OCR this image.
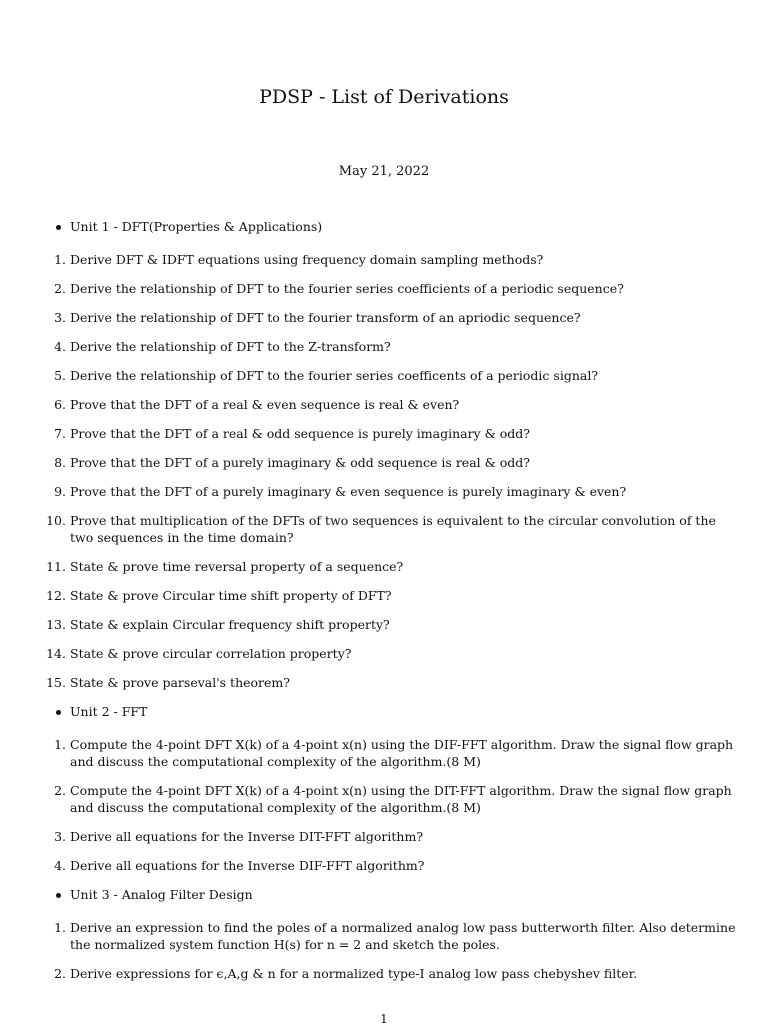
PDSP - List of Derivations
May 21, 2022
Unit 1 - DFT(Properties & Applications)
1. Derive DFT & IDFT equations using frequency domain sampling methods?
2. Derive the relationship of DFT to the fourier series coefficients of a periodic sequence?
3. Derive the relationship of DFT to the fourier transform of an apriodic sequence?
4. Derive the relationship of DFT to the Z-transform?
5. Derive the relationship of DFT to the fourier series coefficents of a periodic signal?
6. Prove that the DFT of a real & even sequence is real & even?
7. Prove that the DFT of a real & odd sequence is purely imaginary & odd?
8. Prove that the DFT of a purely imaginary & odd sequence is real & odd?
9. Prove that the DFT of a purely imaginary & even sequence is purely imaginary & even?
10. Prove that multiplication of the DFTs of two sequences is equivalent to the circular convolution of the two sequences in the time domain?
11. State & prove time reversal property of a sequence?
12. State & prove Circular time shift property of DFT?
13. State & explain Circular frequency shift property?
14. State & prove circular correlation property?
15. State & prove parseval's theorem?
Unit 2 - FFT
1. Compute the 4-point DFT X(k) of a 4-point x(n) using the DIF-FFT algorithm. Draw the signal flow graph and discuss the computational complexity of the algorithm.(8 M)
2. Compute the 4-point DFT X(k) of a 4-point x(n) using the DIT-FFT algorithm. Draw the signal flow graph and discuss the computational complexity of the algorithm.(8 M)
3. Derive all equations for the Inverse DIT-FFT algorithm?
4. Derive all equations for the Inverse DIF-FFT algorithm?
Unit 3 - Analog Filter Design
1. Derive an expression to find the poles of a normalized analog low pass butterworth filter. Also determine the normalized system function H(s) for n = 2 and sketch the poles.
2. Derive expressions for ϵ,A,g & n for a normalized type-I analog low pass chebyshev filter.
1
